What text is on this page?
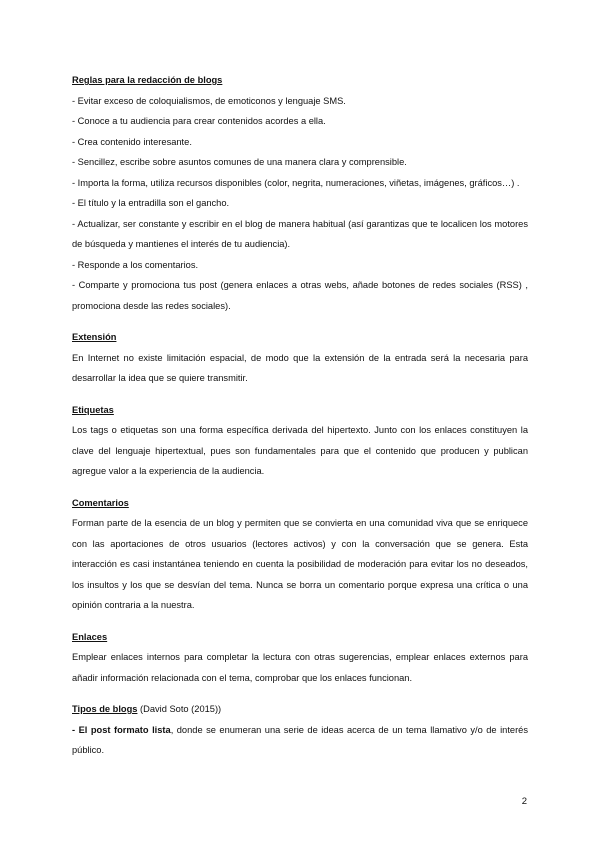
Reglas para la redacción de blogs

- Evitar exceso de coloquialismos, de emoticonos y lenguaje SMS.

- Conoce a tu audiencia para crear contenidos acordes a ella.

- Crea contenido interesante.

- Sencillez, escribe sobre asuntos comunes de una manera clara y comprensible.

- Importa la forma, utiliza recursos disponibles (color, negrita, numeraciones, viñetas, imágenes, gráficos…) .

- El título y la entradilla son el gancho.

- Actualizar, ser constante y escribir en el blog de manera habitual (así garantizas que te localicen los motores de búsqueda y mantienes el interés de tu audiencia).

- Responde a los comentarios.

- Comparte y promociona tus post (genera enlaces a otras webs, añade botones de redes sociales (RSS) , promociona desde las redes sociales).

Extensión

En Internet no existe limitación espacial, de modo que la extensión de la entrada será la necesaria para desarrollar la idea que se quiere transmitir.

Etiquetas

Los tags o etiquetas son una forma específica derivada del hipertexto. Junto con los enlaces constituyen la clave del lenguaje hipertextual, pues son fundamentales para que el contenido que producen y publican agregue valor a la experiencia de la audiencia.

Comentarios

Forman parte de la esencia de un blog y permiten que se convierta en una comunidad viva que se enriquece con las aportaciones de otros usuarios (lectores activos) y con la conversación que se genera. Esta interacción es casi instantánea teniendo en cuenta la posibilidad de moderación para evitar los no deseados, los insultos y los que se desvían del tema. Nunca se borra un comentario porque expresa una crítica o una opinión contraria a la nuestra.

Enlaces

Emplear enlaces internos para completar la lectura con otras sugerencias, emplear enlaces externos para añadir información relacionada con el tema, comprobar que los enlaces funcionan.

Tipos de blogs (David Soto (2015))

- El post formato lista, donde se enumeran una serie de ideas acerca de un tema llamativo y/o de interés público.

2
